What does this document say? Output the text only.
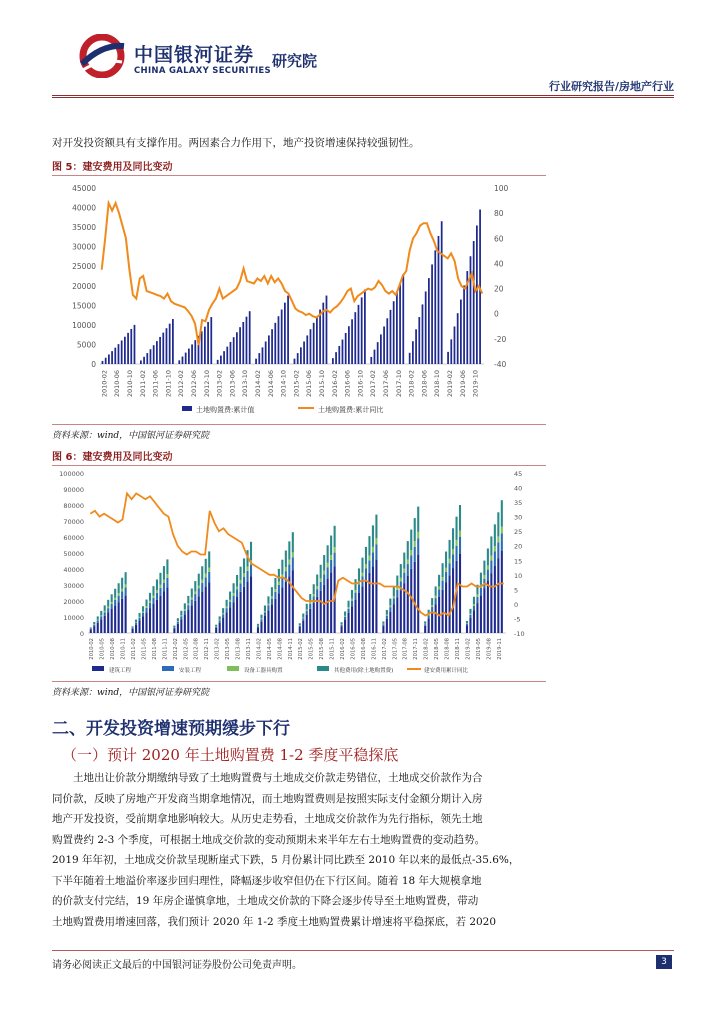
中国银河证券
CHINA GALAXY SECURITIES
研究院
行业研究报告/房地产行业
对开发投资额具有支撑作用。两因素合力作用下，地产投资增速保持较强韧性。
图 5：建安费用及同比变动
0
5000
10000
15000
20000
25000
30000
35000
40000
45000
-40
-20
0
20
40
60
80
100
2010-02 2010-06 2010-10 2011-02 2011-06 2011-10 2012-02 2012-06 2012-10 2013-02 2013-06 2013-10 2014-02 2014-06 2014-10 2015-02 2015-06 2015-10 2016-02 2016-06 2016-10 2017-02 2017-06 2017-10 2018-02 2018-06 2018-10 2019-02 2019-06 2019-10
土地购置费:累计值	土地购置费:累计同比
资料来源：wind，中国银河证券研究院
图 6：建安费用及同比变动
0
10000
20000
30000
40000
50000
60000
70000
80000
90000
100000
-10
-5
0
5
10
15
20
25
30
35
40
45
2010-02 2010-05 2010-08 2010-11 2011-02 2011-05 2011-08 2011-11 2012-02 2012-05 2012-08 2012-11 2013-02 2013-05 2013-08 2013-11 2014-02 2014-05 2014-08 2014-11 2015-02 2015-05 2015-08 2015-11 2016-02 2016-05 2016-08 2016-11 2017-02 2017-05 2017-08 2017-11 2018-02 2018-05 2018-08 2018-11 2019-02 2019-05 2019-08 2019-11
建筑工程	安装工程	设备工器具购置	其他费用(除土地购置费)	建安费用累计同比
资料来源：wind，中国银河证券研究院
二、开发投资增速预期缓步下行
（一）预计 2020 年土地购置费 1-2 季度平稳探底
土地出让价款分期缴纳导致了土地购置费与土地成交价款走势错位，土地成交价款作为合
同价款，反映了房地产开发商当期拿地情况，而土地购置费则是按照实际支付金额分期计入房
地产开发投资，受前期拿地影响较大。从历史走势看，土地成交价款作为先行指标，领先土地
购置费约 2-3 个季度，可根据土地成交价款的变动预期未来半年左右土地购置费的变动趋势。
2019 年年初，土地成交价款呈现断崖式下跌，5 月份累计同比跌至 2010 年以来的最低点-35.6%，
下半年随着土地溢价率逐步回归理性，降幅逐步收窄但仍在下行区间。随着 18 年大规模拿地
的价款支付完结，19 年房企谨慎拿地，土地成交价款的下降会逐步传导至土地购置费，带动
土地购置费用增速回落，我们预计 2020 年 1-2 季度土地购置费累计增速将平稳探底，若 2020
请务必阅读正文最后的中国银河证券股份公司免责声明。	3
